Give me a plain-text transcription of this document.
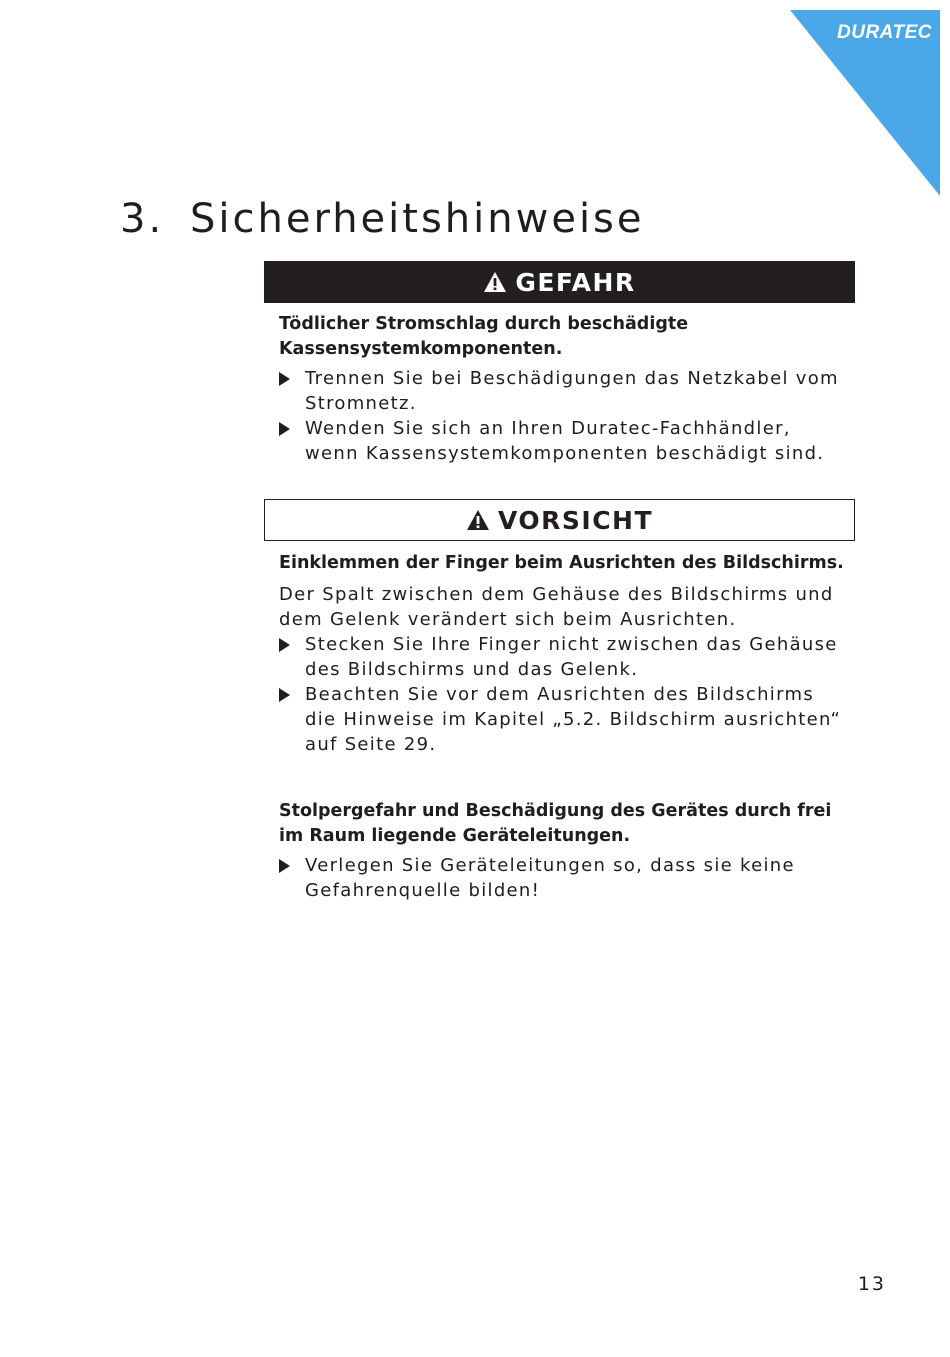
DURATEC
3. Sicherheitshinweise
GEFAHR

Tödlicher Stromschlag durch beschädigte Kassensystemkomponenten.

Trennen Sie bei Beschädigungen das Netzkabel vom Stromnetz.
Wenden Sie sich an Ihren Duratec-Fachhändler, wenn Kassensystemkomponenten beschädigt sind.
VORSICHT

Einklemmen der Finger beim Ausrichten des Bildschirms.

Der Spalt zwischen dem Gehäuse des Bildschirms und dem Gelenk verändert sich beim Ausrichten.

Stecken Sie Ihre Finger nicht zwischen das Gehäuse des Bildschirms und das Gelenk.
Beachten Sie vor dem Ausrichten des Bildschirms die Hinweise im Kapitel „5.2. Bildschirm ausrichten“ auf Seite 29.

Stolpergefahr und Beschädigung des Gerätes durch frei im Raum liegende Geräteleitungen.

Verlegen Sie Geräteleitungen so, dass sie keine Gefahrenquelle bilden!
13
